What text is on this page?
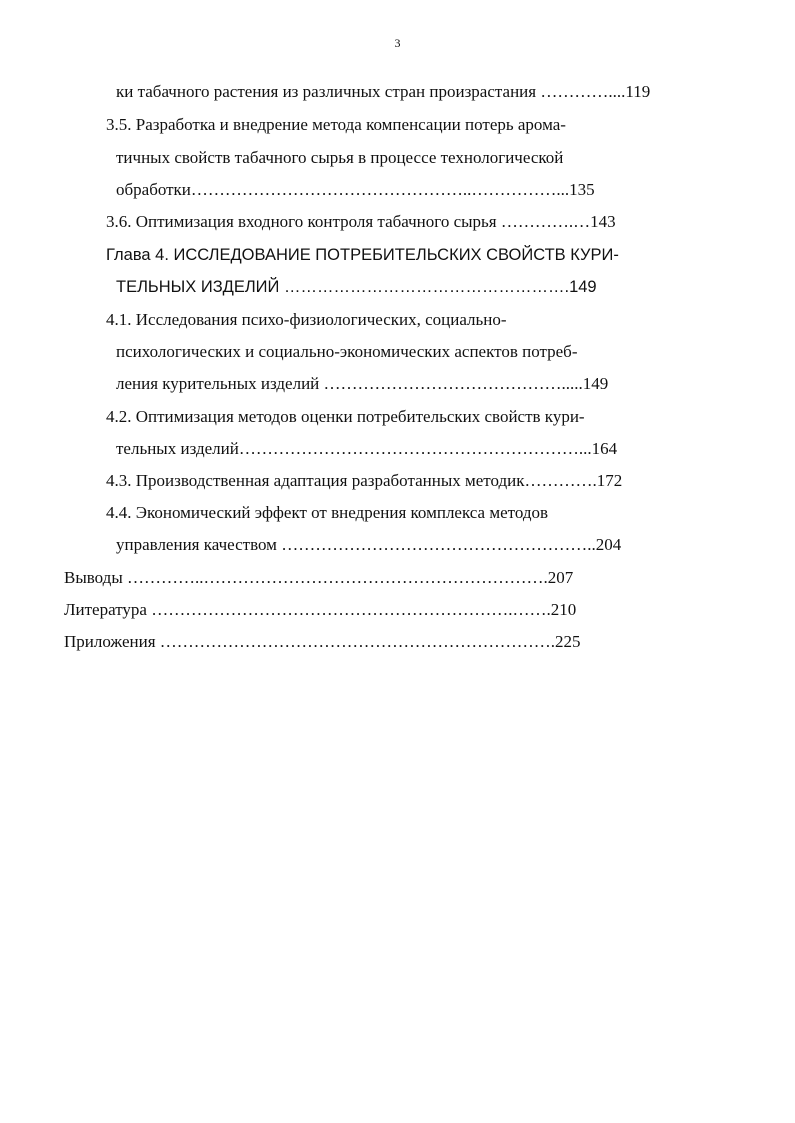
3
ки табачного растения из различных стран произрастания …………....119
3.5. Разработка и внедрение метода компенсации потерь арома-
тичных свойств табачного сырья в процессе технологической
обработки…………………………………………..……………...135
3.6. Оптимизация входного контроля табачного сырья ………….…143
Глава 4. ИССЛЕДОВАНИЕ ПОТРЕБИТЕЛЬСКИХ СВОЙСТВ КУРИ-
ТЕЛЬНЫХ ИЗДЕЛИЙ …………………………………………….149
4.1. Исследования психо-физиологических, социально-
психологических и социально-экономических аспектов потреб-
ления курительных изделий …………………………………….....149
4.2. Оптимизация методов оценки потребительских свойств кури-
тельных изделий……………………………………………………...164
4.3. Производственная адаптация разработанных методик………….172
4.4. Экономический эффект от внедрения комплекса методов
управления качеством ………………………………………………..204
Выводы …………..…………………………………………………….207
Литература ……………………………………………………….…….210
Приложения …………………………………………………………….225
